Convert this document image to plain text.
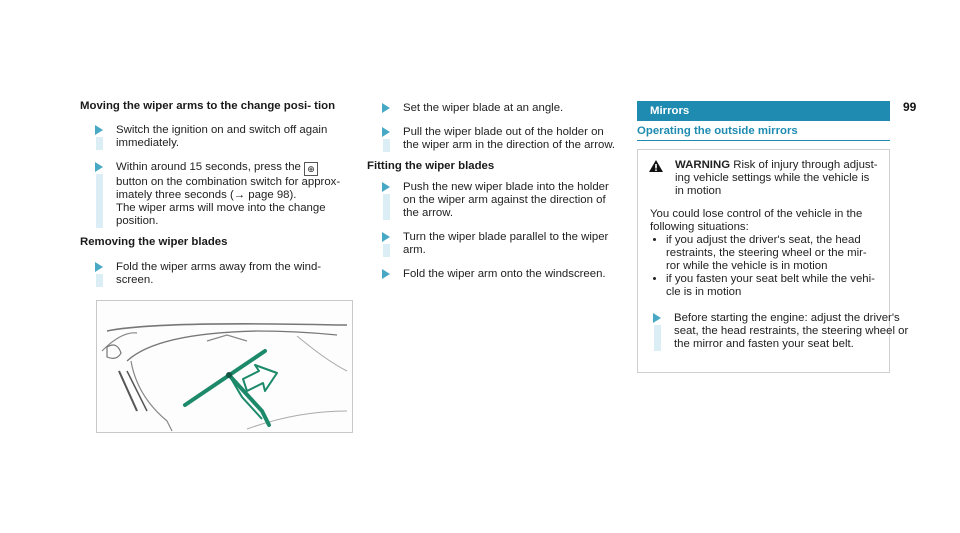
99

Moving the wiper arms to the change posi- tion

Switch the ignition on and switch off again immediately.

Within around 15 seconds, press the ⊕ button on the combination switch for approx- imately three seconds (→ page 98).

The wiper arms will move into the change position.

Removing the wiper blades

Fold the wiper arms away from the wind- screen.

Set the wiper blade at an angle.

Pull the wiper blade out of the holder on the wiper arm in the direction of the arrow.

Fitting the wiper blades

Push the new wiper blade into the holder on the wiper arm against the direction of the arrow.

Turn the wiper blade parallel to the wiper arm.

Fold the wiper arm onto the windscreen.

Mirrors
Operating the outside mirrors
WARNING Risk of injury through adjust- ing vehicle settings while the vehicle is in motion

You could lose control of the vehicle in the following situations:

• if you adjust the driver's seat, the head restraints, the steering wheel or the mir- ror while the vehicle is in motion
• if you fasten your seat belt while the vehi- cle is in motion

Before starting the engine: adjust the driver's seat, the head restraints, the steering wheel or the mirror and fasten your seat belt.
